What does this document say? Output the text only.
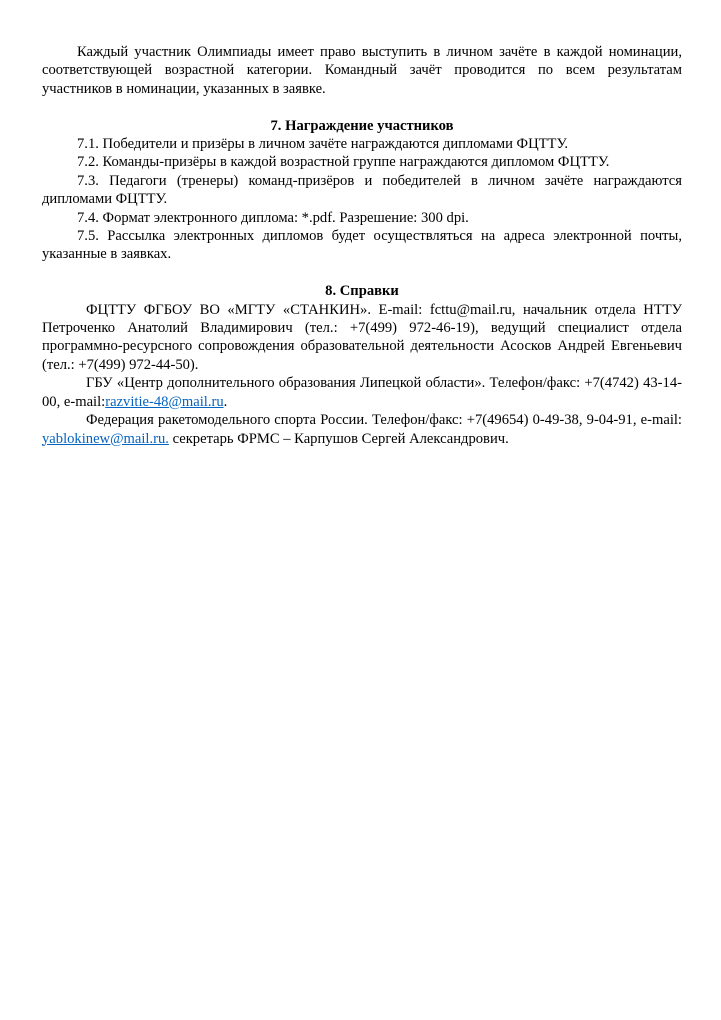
Каждый участник Олимпиады имеет право выступить в личном зачёте в каждой номинации, соответствующей возрастной категории. Командный зачёт проводится по всем результатам участников в номинации, указанных в заявке.

7. Награждение участников

7.1. Победители и призёры в личном зачёте награждаются дипломами ФЦТТУ.

7.2. Команды-призёры в каждой возрастной группе награждаются дипломом ФЦТТУ.

7.3. Педагоги (тренеры) команд-призёров и победителей в личном зачёте награждаются дипломами ФЦТТУ.

7.4. Формат электронного диплома: *.pdf. Разрешение: 300 dpi.

7.5. Рассылка электронных дипломов будет осуществляться на адреса электронной почты, указанные в заявках.

8. Справки

ФЦТТУ ФГБОУ ВО «МГТУ «СТАНКИН». E-mail: fcttu@mail.ru, начальник отдела НТТУ Петроченко Анатолий Владимирович (тел.: +7(499) 972-46-19), ведущий специалист отдела программно-ресурсного сопровождения образовательной деятельности Асосков Андрей Евгеньевич (тел.: +7(499) 972-44-50).

ГБУ «Центр дополнительного образования Липецкой области». Телефон/факс: +7(4742) 43-14-00, e-mail:razvitie-48@mail.ru.

Федерация ракетомодельного спорта России. Телефон/факс: +7(49654) 0-49-38, 9-04-91, e-mail: yablokinew@mail.ru. секретарь ФРМС – Карпушов Сергей Александрович.
